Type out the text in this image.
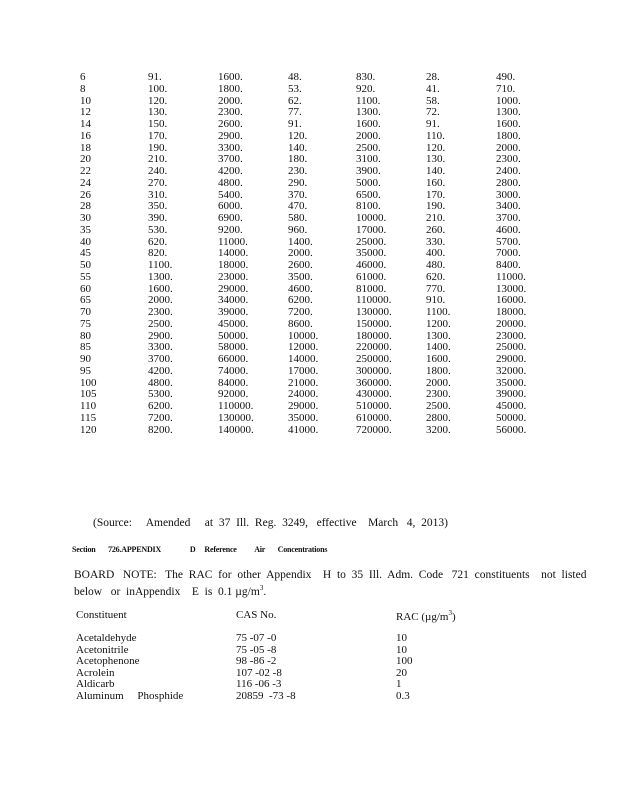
6	91.	1600.	48.	830.	28.	490.
8	100.	1800.	53.	920.	41.	710.
10	120.	2000.	62.	1100.	58.	1000.
12	130.	2300.	77.	1300.	72.	1300.
14	150.	2600.	91.	1600.	91.	1600.
16	170.	2900.	120.	2000.	110.	1800.
18	190.	3300.	140.	2500.	120.	2000.
20	210.	3700.	180.	3100.	130.	2300.
22	240.	4200.	230.	3900.	140.	2400.
24	270.	4800.	290.	5000.	160.	2800.
26	310.	5400.	370.	6500.	170.	3000.
28	350.	6000.	470.	8100.	190.	3400.
30	390.	6900.	580.	10000.	210.	3700.
35	530.	9200.	960.	17000.	260.	4600.
40	620.	11000.	1400.	25000.	330.	5700.
45	820.	14000.	2000.	35000.	400.	7000.
50	1100.	18000.	2600.	46000.	480.	8400.
55	1300.	23000.	3500.	61000.	620.	11000.
60	1600.	29000.	4600.	81000.	770.	13000.
65	2000.	34000.	6200.	110000.	910.	16000.
70	2300.	39000.	7200.	130000.	1100.	18000.
75	2500.	45000.	8600.	150000.	1200.	20000.
80	2900.	50000.	10000.	180000.	1300.	23000.
85	3300.	58000.	12000.	220000.	1400.	25000.
90	3700.	66000.	14000.	250000.	1600.	29000.
95	4200.	74000.	17000.	300000.	1800.	32000.
100	4800.	84000.	21000.	360000.	2000.	35000.
105	5300.	92000.	24000.	430000.	2300.	39000.
110	6200.	110000.	29000.	510000.	2500.	45000.
115	7200.	130000.	35000.	610000.	2800.	50000.
120	8200.	140000.	41000.	720000.	3200.	56000.
(Source:     Amended     at  37  Ill.  Reg.  3249,   effective    March   4,  2013)
Section       726.APPENDIX                D     Reference          Air       Concentrations
BOARD   NOTE:   The  RAC  for  other  Appendix    H  to  35  Ill.  Adm.  Code   721  constituents    not  listed
below   or  inAppendix    E  is  0.1 $\mu g/m^3$.
Constituent	CAS No.	RAC $(\mu g/m^3)$
Acetaldehyde	75 -07 -0	10
Acetonitrile	75 -05 -8	10
Acetophenone	98 -86 -2	100
Acrolein	107 -02 -8	20
Aldicarb	116 -06 -3	1
Aluminum     Phosphide	20859  -73 -8	0.3
